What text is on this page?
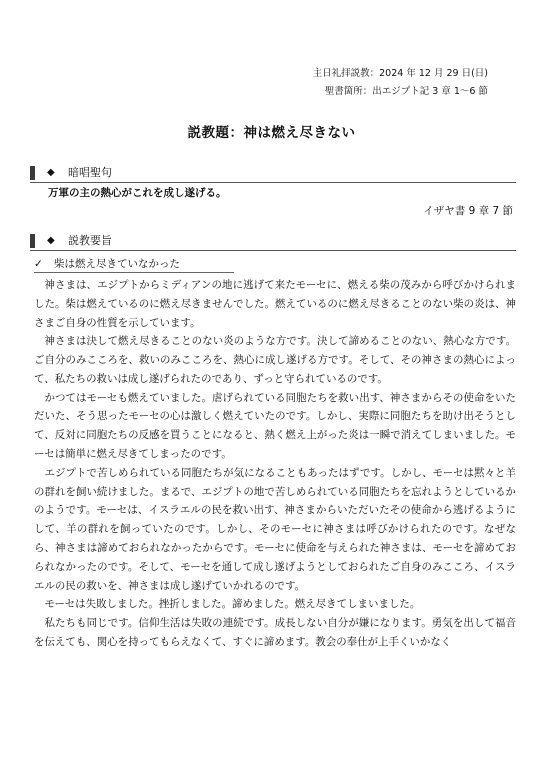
主日礼拝説教：2024 年 12 月 29 日(日)
聖書箇所：出エジプト記 3 章 1～6 節
説教題：神は燃え尽きない
◆ 暗唱聖句
万軍の主の熱心がこれを成し遂げる。
イザヤ書 9 章 7 節
◆ 説教要旨
✓ 柴は燃え尽きていなかった

神さまは、エジプトからミディアンの地に逃げて来たモーセに、燃える柴の茂みから呼びかけられました。柴は燃えているのに燃え尽きませんでした。燃えているのに燃え尽きることのない柴の炎は、神さまご自身の性質を示しています。

神さまは決して燃え尽きることのない炎のような方です。決して諦めることのない、熱心な方です。ご自分のみこころを、救いのみこころを、熱心に成し遂げる方です。そして、その神さまの熱心によって、私たちの救いは成し遂げられたのであり、ずっと守られているのです。

かつてはモーセも燃えていました。虐げられている同胞たちを救い出す、神さまからその使命をいただいた、そう思ったモーセの心は激しく燃えていたのです。しかし、実際に同胞たちを助け出そうとして、反対に同胞たちの反感を買うことになると、熱く燃え上がった炎は一瞬で消えてしまいました。モーセは簡単に燃え尽きてしまったのです。

エジプトで苦しめられている同胞たちが気になることもあったはずです。しかし、モーセは黙々と羊の群れを飼い続けました。まるで、エジプトの地で苦しめられている同胞たちを忘れようとしているかのようです。モーセは、イスラエルの民を救い出す、神さまからいただいたその使命から逃げるようにして、羊の群れを飼っていたのです。しかし、そのモーセに神さまは呼びかけられたのです。なぜなら、神さまは諦めておられなかったからです。モーセに使命を与えられた神さまは、モーセを諦めておられなかったのです。そして、モーセを通して成し遂げようとしておられたご自身のみこころ、イスラエルの民の救いを、神さまは成し遂げていかれるのです。

モーセは失敗しました。挫折しました。諦めました。燃え尽きてしまいました。

私たちも同じです。信仰生活は失敗の連続です。成長しない自分が嫌になります。勇気を出して福音を伝えても、関心を持ってもらえなくて、すぐに諦めます。教会の奉仕が上手くいかなく
